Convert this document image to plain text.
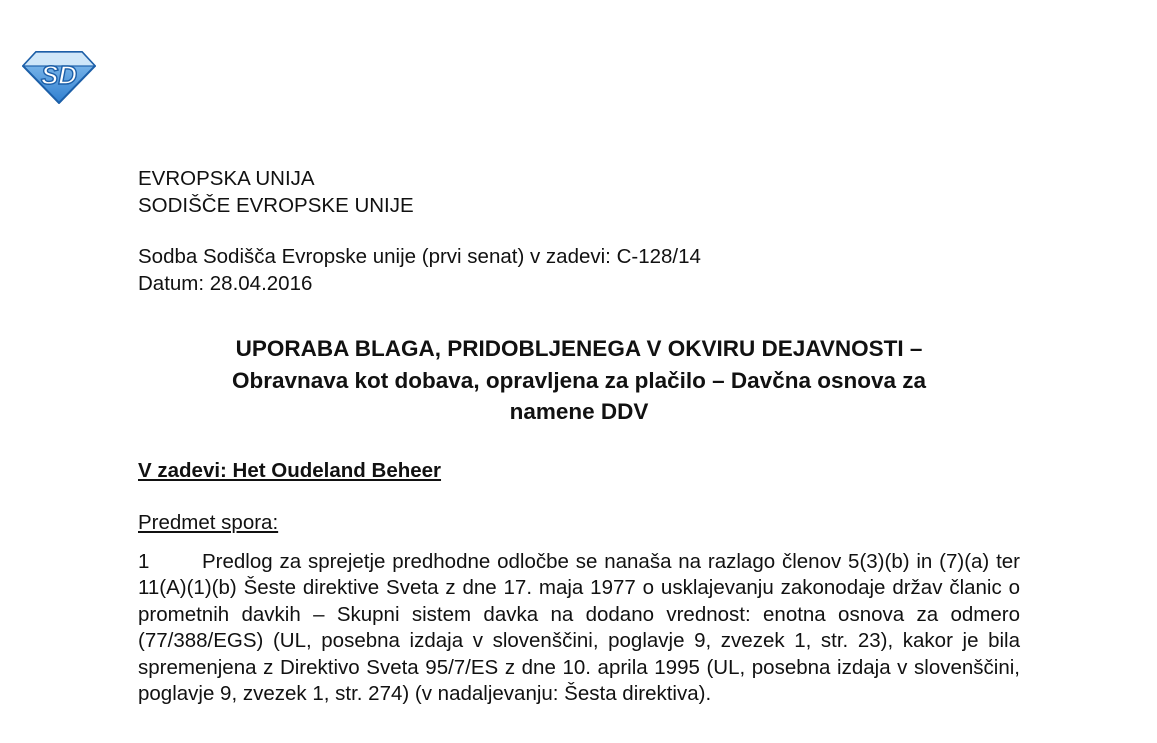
SD

EVROPSKA UNIJA

SODIŠČE EVROPSKE UNIJE

Sodba Sodišča Evropske unije (prvi senat) v zadevi: C-128/14

Datum: 28.04.2016

UPORABA BLAGA, PRIDOBLJENEGA V OKVIRU DEJAVNOSTI –

Obravnava kot dobava, opravljena za plačilo – Davčna osnova za

namene DDV

V zadevi: Het Oudeland Beheer

Predmet spora:

1	Predlog za sprejetje predhodne odločbe se nanaša na razlago členov 5(3)(b) in (7)(a) ter 11(A)(1)(b) Šeste direktive Sveta z dne 17. maja 1977 o usklajevanju zakonodaje držav članic o prometnih davkih – Skupni sistem davka na dodano vrednost: enotna osnova za odmero (77/388/EGS) (UL, posebna izdaja v slovenščini, poglavje 9, zvezek 1, str. 23), kakor je bila spremenjena z Direktivo Sveta 95/7/ES z dne 10. aprila 1995 (UL, posebna izdaja v slovenščini, poglavje 9, zvezek 1, str. 274) (v nadaljevanju: Šesta direktiva).
